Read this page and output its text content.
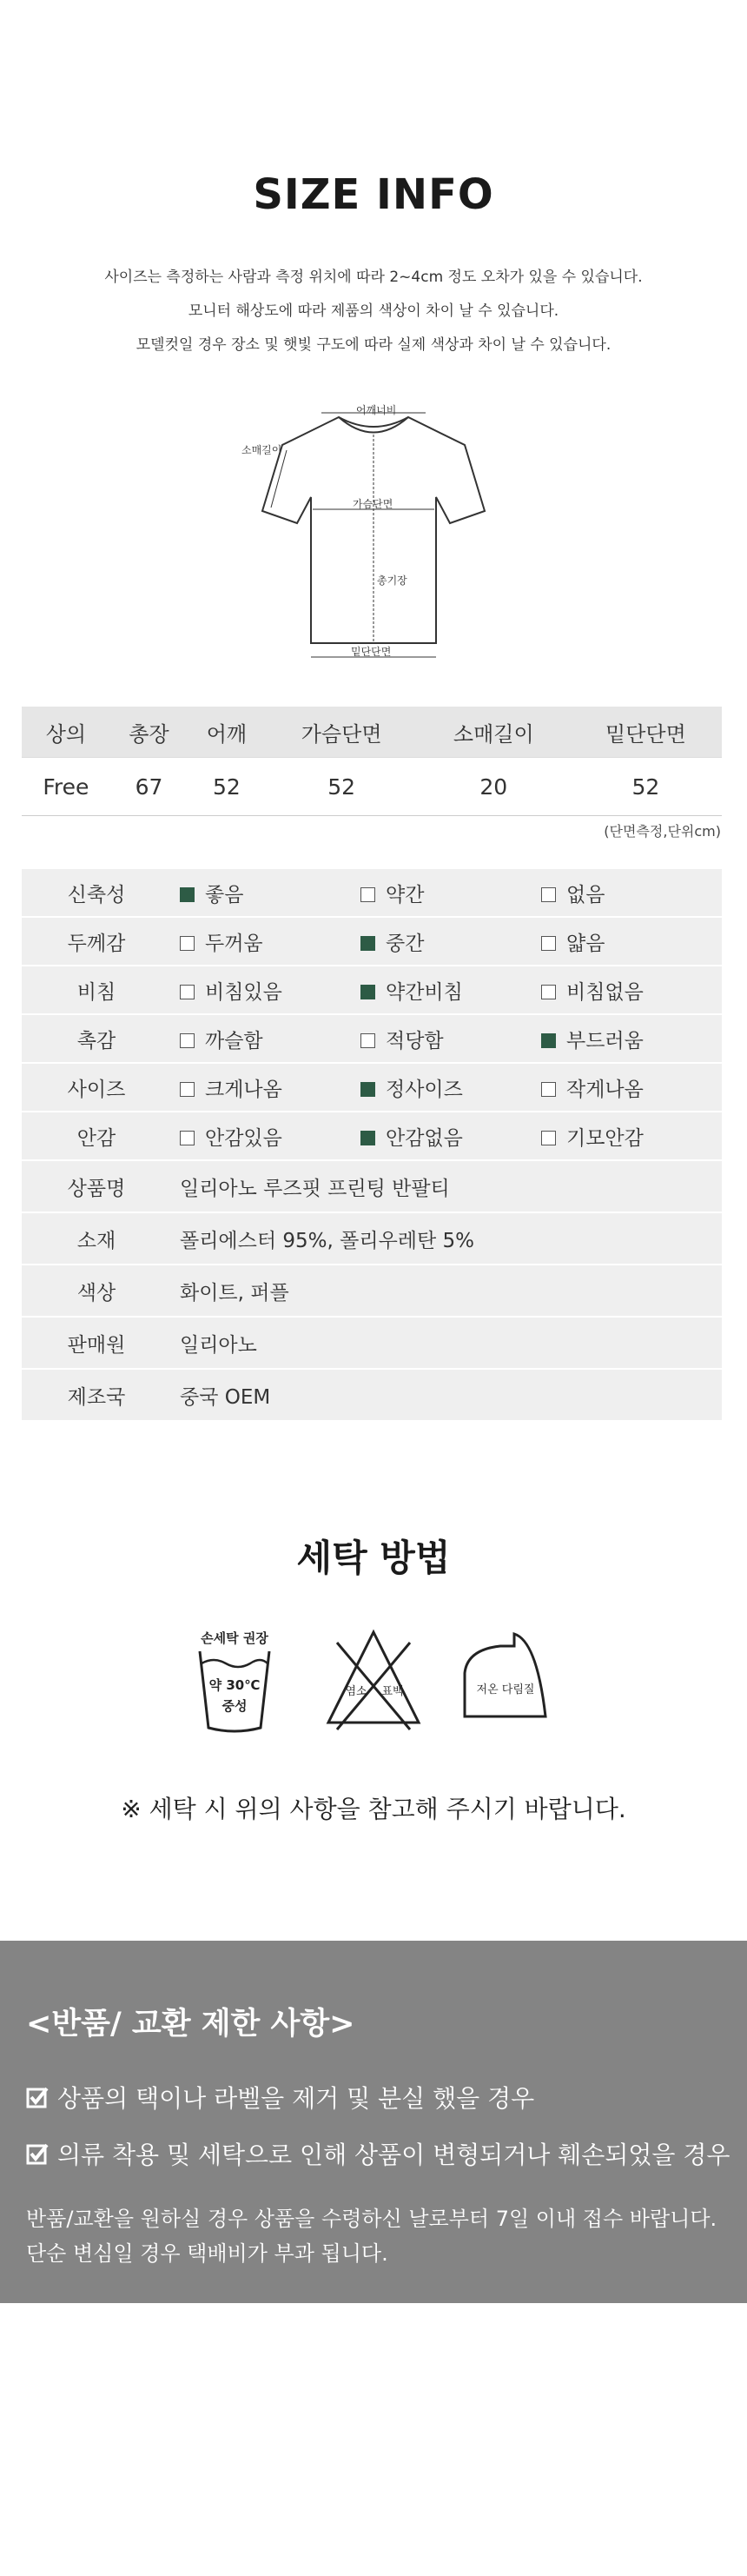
SIZE INFO
사이즈는 측정하는 사람과 측정 위치에 따라 2~4cm 정도 오차가 있을 수 있습니다.
모니터 해상도에 따라 제품의 색상이 차이 날 수 있습니다.
모델컷일 경우 장소 및 햇빛 구도에 따라 실제 색상과 차이 날 수 있습니다.
어깨너비
소매길이
가슴단면
총기장
밑단단면
상의	총장	어깨	가슴단면	소매길이	밑단단면
Free	67	52	52	20	52
(단면측정,단위cm)
신축성	좋음 약간 없음
두께감	두꺼움 중간 얇음
비침	비침있음 약간비침 비침없음
촉감	까슬함 적당함 부드러움
사이즈	크게나옴 정사이즈 작게나옴
안감	안감있음 안감없음 기모안감
상품명	일리아노 루즈핏 프린팅 반팔티
소재	폴리에스터 95%, 폴리우레탄 5%
색상	화이트, 퍼플
판매원	일리아노
제조국	중국 OEM
세탁 방법
손세탁 권장
약 30℃
중성
염소 표백	저온 다림질
※ 세탁 시 위의 사항을 참고해 주시기 바랍니다.
<반품/ 교환 제한 사항>
상품의 택이나 라벨을 제거 및 분실 했을 경우
의류 착용 및 세탁으로 인해 상품이 변형되거나 훼손되었을 경우
반품/교환을 원하실 경우 상품을 수령하신 날로부터 7일 이내 접수 바랍니다.
단순 변심일 경우 택배비가 부과 됩니다.
